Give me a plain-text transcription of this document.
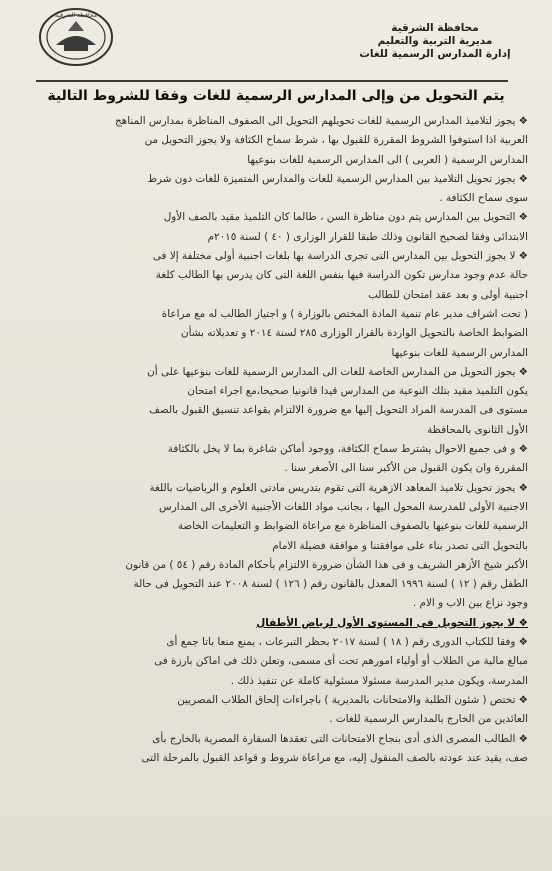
محافظة الشرقية
محافظة الشرقية
مديرية التربية والتعليم
إدارة المدارس الرسمية للغات
يتم التحويل من وإلى المدارس الرسمية للغات وفقا للشروط التالية
❖ يجوز لتلاميذ المدارس الرسمية للغات تحويلهم التحويل الى الصفوف المناظرة بمدارس المناهج
العربية اذا استوفوا الشروط المقررة للقبول بها ، شرط سماح الكثافة ولا يجوز التحويل من
المدارس الرسمية ( العربى ) الى المدارس الرسمية للغات بنوعيها
❖ يجوز تحويل التلاميذ بين المدارس الرسمية للغات والمدارس المتميزة للغات دون شرط
سوى سماح الكثافة .
❖ التحويل بين المدارس يتم دون مناظرة السن ، طالما كان التلميذ مقيد بالصف الأول
الابتدائى وفقا لصحيح القانون وذلك طبقا للقرار الوزارى ( ٤٠ ) لسنة ٢٠١٥م
❖ لا يجوز التحويل بين المدارس التى تجرى الدراسة بها بلغات اجنبية أولى مختلفة إلا فى
حالة عدم وجود مدارس تكون الدراسة فيها بنفس اللغة التى كان يدرس بها الطالب كلغة
اجنبية أولى و بعد عقد امتحان للطالب
( تحت اشراف مدير عام تنمية المادة المختص بالوزارة ) و اجتياز الطالب له مع مراعاة
الضوابط الخاصة بالتحويل الواردة بالقرار الوزارى ٢٨٥ لسنة ٢٠١٤ و تعديلاته بشأن
المدارس الرسمية للغات بنوعيها
❖ يجوز التحويل من المدارس الخاصة للغات الى المدارس الرسمية للغات بنوعيها على أن
يكون التلميذ مقيد بتلك النوعية من المدارس قيدا قانونيا صحيحا،مع اجراء امتحان
مستوى فى المدرسة المراد التحويل إليها مع ضرورة الالتزام بقواعد تنسيق القبول بالصف
الأول الثانوى بالمحافظة
❖ و فى جميع الاحوال يشترط سماح الكثافة، ووجود أماكن شاغرة بما لا يخل بالكثافة
المقررة وان يكون القبول من الأكبر سنا الى الأصغر سنا .
❖ يجوز تحويل تلاميذ المعاهد الازهرية التى تقوم بتدريس مادتى العلوم و الرياضيات باللغة
الاجنبية الأولى للمدرسة المحول اليها ، بجانب مواد اللغات الأجنبية الأخرى الى المدارس
الرسمية للغات بنوعيها بالصفوف المناظرة مع مراعاة الضوابط و التعليمات الخاصة
بالتحويل التى تصدر بناء على موافقتنا و موافقة فضيلة الامام
الأكبر شيخ الأزهر الشريف و فى هذا الشأن ضرورة الالتزام بأحكام المادة رقم ( ٥٤ ) من قانون
الطفل رقم ( ١٢ ) لسنة ١٩٩٦ المعدل بالقانون رقم ( ١٢٦ ) لسنة ٢٠٠٨ عند التحويل فى حالة
وجود نزاع بين الاب و الام .
❖ لا يجوز التحويل فى المستوى الأول لرياض الأطفال
❖ وفقا للكتاب الدورى رقم ( ١٨ ) لسنة ٢٠١٧ بحظر التبرعات ، يمنع منعا باتا جمع أى
مبالغ مالية من الطلاب أو أولياء امورهم تحت أى مسمى، وتعلن ذلك فى اماكن بارزة فى
المدرسة، ويكون مدير المدرسة مسئولا مسئولية كاملة عن تنفيذ ذلك .
❖ تختص ( شئون الطلبة والامتحانات بالمديرية ) باجراءات إلحاق الطلاب المصريين
العائدين من الخارج بالمدارس الرسمية للغات .
❖ الطالب المصرى الذى أدى بنجاح الامتحانات التى تعقدها السفارة المصرية بالخارج بأى
صف، يقيد عند عودته بالصف المنقول إليه، مع مراعاة شروط و قواعد القبول بالمرحلة التى
